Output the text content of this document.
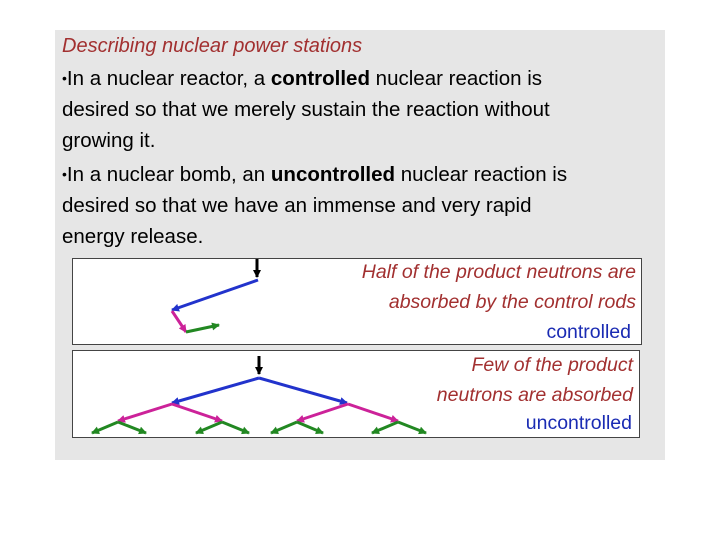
Describing nuclear power stations
•In a nuclear reactor, a controlled nuclear reaction is
desired so that we merely sustain the reaction without
growing it.
•In a nuclear bomb, an uncontrolled nuclear reaction is
desired so that we have an immense and very rapid
energy release.
Half of the product neutrons are
absorbed by the control rods
controlled
Few of the product
neutrons are absorbed
uncontrolled
